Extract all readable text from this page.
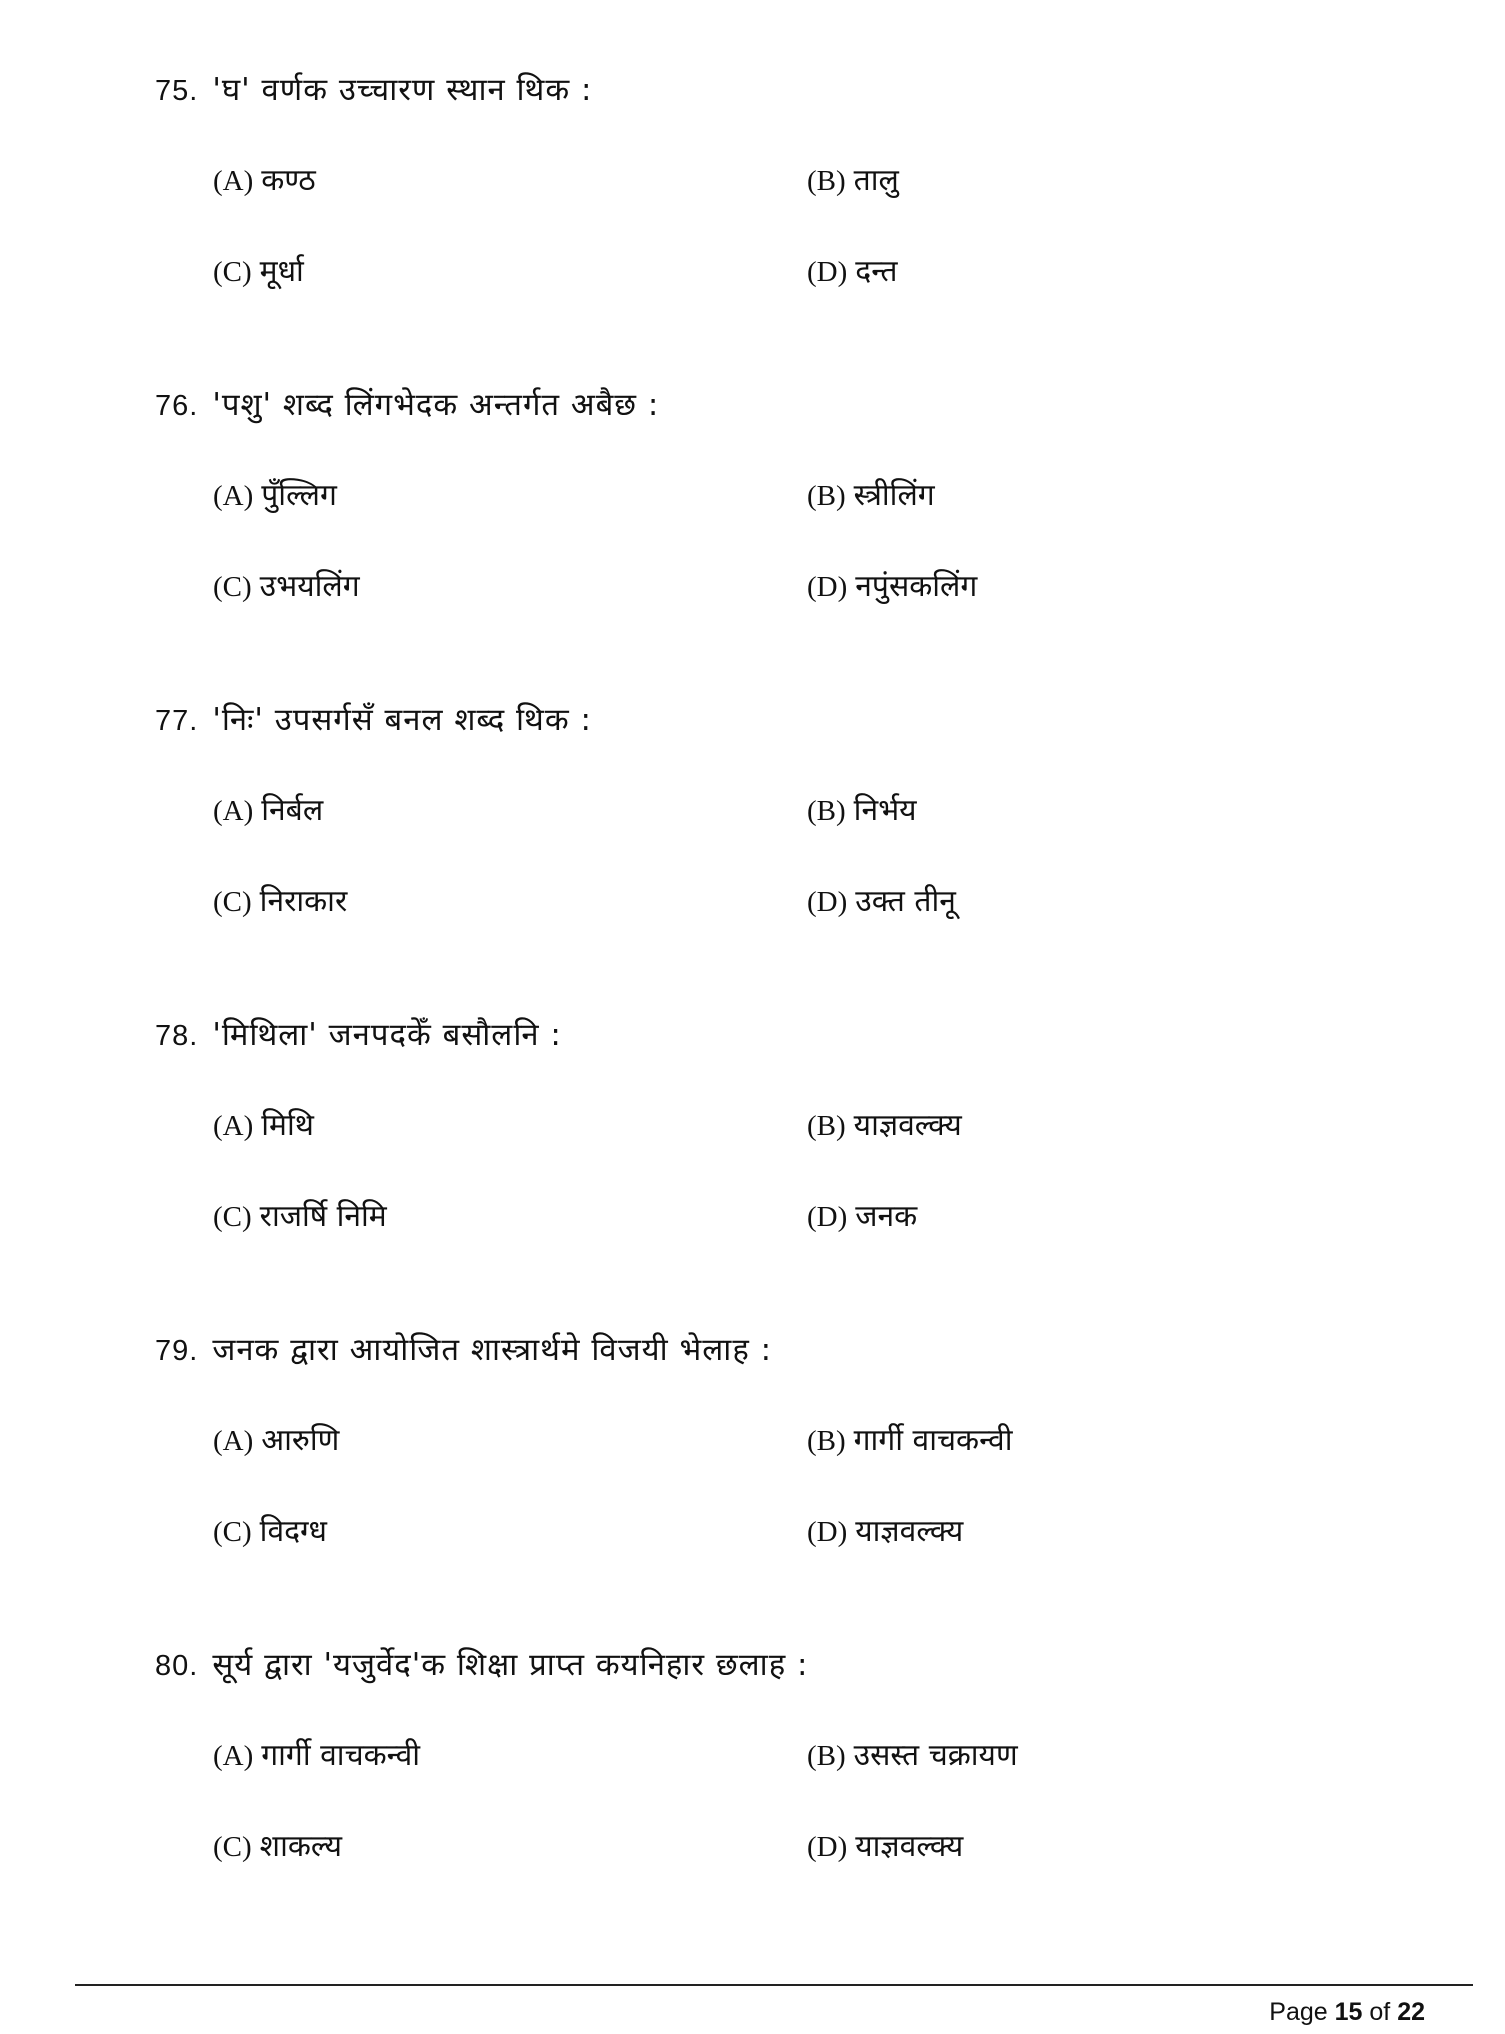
75. 'घ' वर्णक उच्चारण स्थान थिक :
(A) कण्ठ	(B) तालु
(C) मूर्धा	(D) दन्त
76. 'पशु' शब्द लिंगभेदक अन्तर्गत अबैछ :
(A) पुँल्लिग	(B) स्त्रीलिंग
(C) उभयलिंग	(D) नपुंसकलिंग
77. 'निः' उपसर्गसँ बनल शब्द थिक :
(A) निर्बल	(B) निर्भय
(C) निराकार	(D) उक्त तीनू
78. 'मिथिला' जनपदकेँ बसौलनि :
(A) मिथि	(B) याज्ञवल्क्य
(C) राजर्षि निमि	(D) जनक
79. जनक द्वारा आयोजित शास्त्रार्थमे विजयी भेलाह :
(A) आरुणि	(B) गार्गी वाचकन्वी
(C) विदग्ध	(D) याज्ञवल्क्य
80. सूर्य द्वारा 'यजुर्वेद'क शिक्षा प्राप्त कयनिहार छलाह :
(A) गार्गी वाचकन्वी	(B) उसस्त चक्रायण
(C) शाकल्य	(D) याज्ञवल्क्य
Page 15 of 22
